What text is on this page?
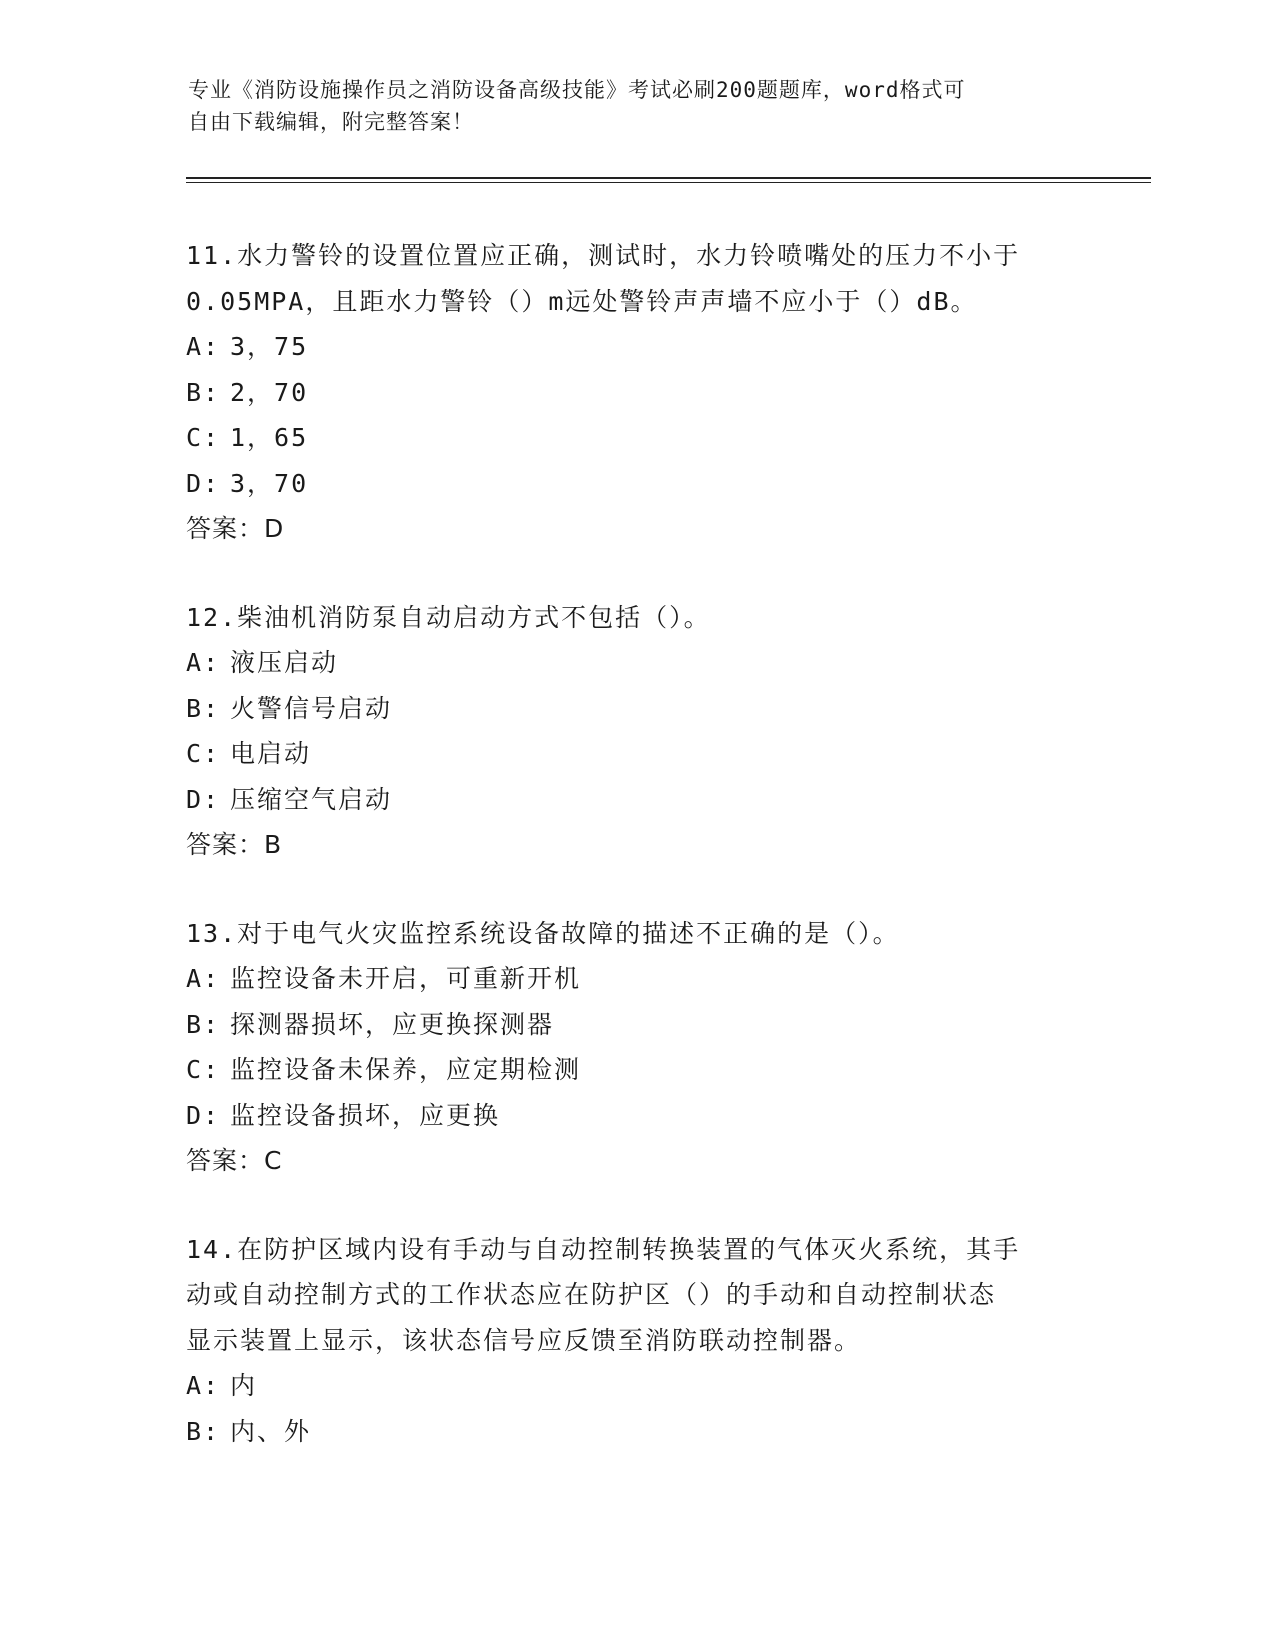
专业《消防设施操作员之消防设备高级技能》考试必刷200题题库，word格式可
自由下载编辑，附完整答案！
11.水力警铃的设置位置应正确，测试时，水力铃喷嘴处的压力不小于
0.05MPA，且距水力警铃（）m远处警铃声声墙不应小于（）dB。
A: 3，75
B: 2，70
C: 1，65
D: 3，70
答案：D
12.柴油机消防泵自动启动方式不包括（）。
A: 液压启动
B: 火警信号启动
C: 电启动
D: 压缩空气启动
答案：B
13.对于电气火灾监控系统设备故障的描述不正确的是（）。
A: 监控设备未开启，可重新开机
B: 探测器损坏，应更换探测器
C: 监控设备未保养，应定期检测
D: 监控设备损坏，应更换
答案：C
14.在防护区域内设有手动与自动控制转换装置的气体灭火系统，其手
动或自动控制方式的工作状态应在防护区（）的手动和自动控制状态
显示装置上显示，该状态信号应反馈至消防联动控制器。
A: 内
B: 内、外
